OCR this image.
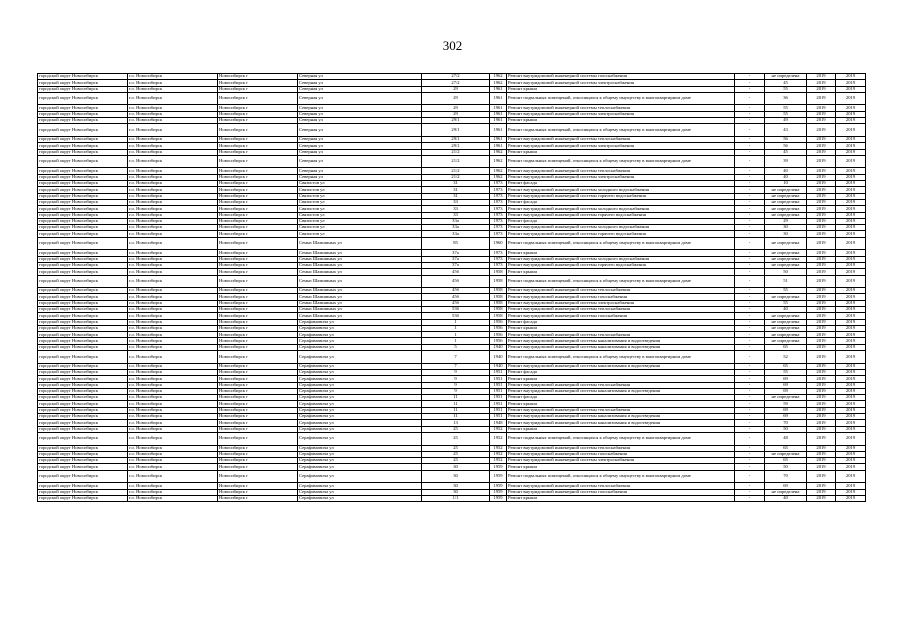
302
городской округ Новосибирск	г.о. Новосибирск	Новосибирск г	Северная ул	27/2	1962	Ремонт внутридомовой инженерной системы газоснабжения	-	не определена	2019	2019
городской округ Новосибирск	г.о. Новосибирск	Новосибирск г	Северная ул	27/2	1962	Ремонт внутридомовой инженерной системы электроснабжения	-	45	2019	2019
городской округ Новосибирск	г.о. Новосибирск	Новосибирск г	Северная ул	29	1961	Ремонт крыши	-	55	2019	2019
городской округ Новосибирск	г.о. Новосибирск	Новосибирск г	Северная ул	29	1961	Ремонт подвальных помещений, относящихся к общему имуществу в многоквартирном доме	-	36	2019	2019
городской округ Новосибирск	г.о. Новосибирск	Новосибирск г	Северная ул	29	1961	Ремонт внутридомовой инженерной системы теплоснабжения	-	55	2019	2019
городской округ Новосибирск	г.о. Новосибирск	Новосибирск г	Северная ул	29	1961	Ремонт внутридомовой инженерной системы электроснабжения	-	55	2019	2019
городской округ Новосибирск	г.о. Новосибирск	Новосибирск г	Северная ул	29/1	1961	Ремонт крыши	-	49	2019	2019
городской округ Новосибирск	г.о. Новосибирск	Новосибирск г	Северная ул	29/1	1961	Ремонт подвальных помещений, относящихся к общему имуществу в многоквартирном доме	-	43	2019	2019
городской округ Новосибирск	г.о. Новосибирск	Новосибирск г	Северная ул	29/1	1961	Ремонт внутридомовой инженерной системы теплоснабжения	-	56	2019	2019
городской округ Новосибирск	г.о. Новосибирск	Новосибирск г	Северная ул	29/1	1961	Ремонт внутридомовой инженерной системы электроснабжения	-	56	2019	2019
городской округ Новосибирск	г.о. Новосибирск	Новосибирск г	Северная ул	21/2	1962	Ремонт крыши	-	45	2019	2019
городской округ Новосибирск	г.о. Новосибирск	Новосибирск г	Северная ул	21/2	1962	Ремонт подвальных помещений, относящихся к общему имуществу в многоквартирном доме	-	39	2019	2019
городской округ Новосибирск	г.о. Новосибирск	Новосибирск г	Северная ул	21/2	1962	Ремонт внутридомовой инженерной системы теплоснабжения	-	40	2019	2019
городской округ Новосибирск	г.о. Новосибирск	Новосибирск г	Северная ул	21/2	1962	Ремонт внутридомовой инженерной системы электроснабжения	-	40	2019	2019
городской округ Новосибирск	г.о. Новосибирск	Новосибирск г	Связистов ул	31	1973	Ремонт фасада	-	10	2019	2019
городской округ Новосибирск	г.о. Новосибирск	Новосибирск г	Связистов ул	31	1973	Ремонт внутридомовой инженерной системы холодного водоснабжения	-	не определена	2019	2019
городской округ Новосибирск	г.о. Новосибирск	Новосибирск г	Связистов ул	31	1973	Ремонт внутридомовой инженерной системы горячего водоснабжения	-	не определена	2019	2019
городской округ Новосибирск	г.о. Новосибирск	Новосибирск г	Связистов ул	33	1973	Ремонт фасада	-	не определена	2019	2019
городской округ Новосибирск	г.о. Новосибирск	Новосибирск г	Связистов ул	33	1973	Ремонт внутридомовой инженерной системы холодного водоснабжения	-	не определена	2019	2019
городской округ Новосибирск	г.о. Новосибирск	Новосибирск г	Связистов ул	33	1973	Ремонт внутридомовой инженерной системы горячего водоснабжения	-	не определена	2019	2019
городской округ Новосибирск	г.о. Новосибирск	Новосибирск г	Связистов ул	33а	1973	Ремонт фасада	-	29	2019	2019
городской округ Новосибирск	г.о. Новосибирск	Новосибирск г	Связистов ул	33а	1973	Ремонт внутридомовой инженерной системы холодного водоснабжения	-	30	2019	2019
городской округ Новосибирск	г.о. Новосибирск	Новосибирск г	Связистов ул	33а	1973	Ремонт внутридомовой инженерной системы горячего водоснабжения	-	30	2019	2019
городской округ Новосибирск	г.о. Новосибирск	Новосибирск г	Семьи Шамшиных ул	85	1960	Ремонт подвальных помещений, относящихся к общему имуществу в многоквартирном доме	-	не определена	2019	2019
городской округ Новосибирск	г.о. Новосибирск	Новосибирск г	Семьи Шамшиных ул	37а	1973	Ремонт крыши	-	не определена	2019	2019
городской округ Новосибирск	г.о. Новосибирск	Новосибирск г	Семьи Шамшиных ул	37а	1973	Ремонт внутридомовой инженерной системы холодного водоснабжения	-	не определена	2019	2019
городской округ Новосибирск	г.о. Новосибирск	Новосибирск г	Семьи Шамшиных ул	37а	1973	Ремонт внутридомовой инженерной системы горячего водоснабжения	-	не определена	2019	2019
городской округ Новосибирск	г.о. Новосибирск	Новосибирск г	Семьи Шамшиных ул	45б	1958	Ремонт крыши	-	50	2019	2019
городской округ Новосибирск	г.о. Новосибирск	Новосибирск г	Семьи Шамшиных ул	45б	1958	Ремонт подвальных помещений, относящихся к общему имуществу в многоквартирном доме	-	51	2019	2019
городской округ Новосибирск	г.о. Новосибирск	Новосибирск г	Семьи Шамшиных ул	45б	1958	Ремонт внутридомовой инженерной системы теплоснабжения	-	55	2019	2019
городской округ Новосибирск	г.о. Новосибирск	Новосибирск г	Семьи Шамшиных ул	45б	1958	Ремонт внутридомовой инженерной системы газоснабжения	-	не определена	2019	2019
городской округ Новосибирск	г.о. Новосибирск	Новосибирск г	Семьи Шамшиных ул	45б	1958	Ремонт внутридомовой инженерной системы электроснабжения	-	55	2019	2019
городской округ Новосибирск	г.о. Новосибирск	Новосибирск г	Семьи Шамшиных ул	53б	1958	Ремонт внутридомовой инженерной системы теплоснабжения	-	40	2019	2019
городской округ Новосибирск	г.о. Новосибирск	Новосибирск г	Семьи Шамшиных ул	53б	1958	Ремонт внутридомовой инженерной системы газоснабжения	-	не определена	2019	2019
городской округ Новосибирск	г.о. Новосибирск	Новосибирск г	Серафимовича ул	1	1956	Ремонт фасада	-	не определена	2019	2019
городской округ Новосибирск	г.о. Новосибирск	Новосибирск г	Серафимовича ул	1	1956	Ремонт крыши	-	не определена	2019	2019
городской округ Новосибирск	г.о. Новосибирск	Новосибирск г	Серафимовича ул	1	1956	Ремонт внутридомовой инженерной системы теплоснабжения	-	не определена	2019	2019
городской округ Новосибирск	г.о. Новосибирск	Новосибирск г	Серафимовича ул	1	1956	Ремонт внутридомовой инженерной системы канализования и водоотведения	-	не определена	2019	2019
городской округ Новосибирск	г.о. Новосибирск	Новосибирск г	Серафимовича ул	5	1940	Ремонт внутридомовой инженерной системы канализования и водоотведения	-	65	2019	2019
городской округ Новосибирск	г.о. Новосибирск	Новосибирск г	Серафимовича ул	7	1940	Ремонт подвальных помещений, относящихся к общему имуществу в многоквартирном доме	-	52	2019	2019
городской округ Новосибирск	г.о. Новосибирск	Новосибирск г	Серафимовича ул	7	1940	Ремонт внутридомовой инженерной системы канализования и водоотведения	-	65	2019	2019
городской округ Новосибирск	г.о. Новосибирск	Новосибирск г	Серафимовича ул	9	1951	Ремонт фасада	-	55	2019	2019
городской округ Новосибирск	г.о. Новосибирск	Новосибирск г	Серафимовича ул	9	1951	Ремонт крыши	-	69	2019	2019
городской округ Новосибирск	г.о. Новосибирск	Новосибирск г	Серафимовича ул	9	1951	Ремонт внутридомовой инженерной системы теплоснабжения	-	69	2019	2019
городской округ Новосибирск	г.о. Новосибирск	Новосибирск г	Серафимовича ул	9	1951	Ремонт внутридомовой инженерной системы канализования и водоотведения	-	69	2019	2019
городской округ Новосибирск	г.о. Новосибирск	Новосибирск г	Серафимовича ул	11	1951	Ремонт фасада	-	не определена	2019	2019
городской округ Новосибирск	г.о. Новосибирск	Новосибирск г	Серафимовича ул	11	1951	Ремонт крыши	-	59	2019	2019
городской округ Новосибирск	г.о. Новосибирск	Новосибирск г	Серафимовича ул	11	1951	Ремонт внутридомовой инженерной системы теплоснабжения	-	69	2019	2019
городской округ Новосибирск	г.о. Новосибирск	Новосибирск г	Серафимовича ул	11	1951	Ремонт внутридомовой инженерной системы канализования и водоотведения	-	69	2019	2019
городской округ Новосибирск	г.о. Новосибирск	Новосибирск г	Серафимовича ул	13	1948	Ремонт внутридомовой инженерной системы канализования и водоотведения	-	70	2019	2019
городской округ Новосибирск	г.о. Новосибирск	Новосибирск г	Серафимовича ул	25	1952	Ремонт крыши	-	50	2019	2019
городской округ Новосибирск	г.о. Новосибирск	Новосибирск г	Серафимовича ул	25	1952	Ремонт подвальных помещений, относящихся к общему имуществу в многоквартирном доме	-	48	2019	2019
городской округ Новосибирск	г.о. Новосибирск	Новосибирск г	Серафимовича ул	25	1952	Ремонт внутридомовой инженерной системы теплоснабжения	-	65	2019	2019
городской округ Новосибирск	г.о. Новосибирск	Новосибирск г	Серафимовича ул	25	1952	Ремонт внутридомовой инженерной системы газоснабжения	-	не определена	2019	2019
городской округ Новосибирск	г.о. Новосибирск	Новосибирск г	Серафимовича ул	25	1952	Ремонт внутридомовой инженерной системы электроснабжения	-	65	2019	2019
городской округ Новосибирск	г.о. Новосибирск	Новосибирск г	Серафимовича ул	30	1959	Ремонт крыши	-	50	2019	2019
городской округ Новосибирск	г.о. Новосибирск	Новосибирск г	Серафимовича ул	30	1959	Ремонт подвальных помещений, относящихся к общему имуществу в многоквартирном доме	-	70	2019	2019
городской округ Новосибирск	г.о. Новосибирск	Новосибирск г	Серафимовича ул	30	1959	Ремонт внутридомовой инженерной системы теплоснабжения	-	69	2019	2019
городской округ Новосибирск	г.о. Новосибирск	Новосибирск г	Серафимовича ул	30	1959	Ремонт внутридомовой инженерной системы газоснабжения	-	не определена	2019	2019
городской округ Новосибирск	г.о. Новосибирск	Новосибирск г	Серафимовича ул	1/1	1959	Ремонт крыши	-	40	2019	2019
